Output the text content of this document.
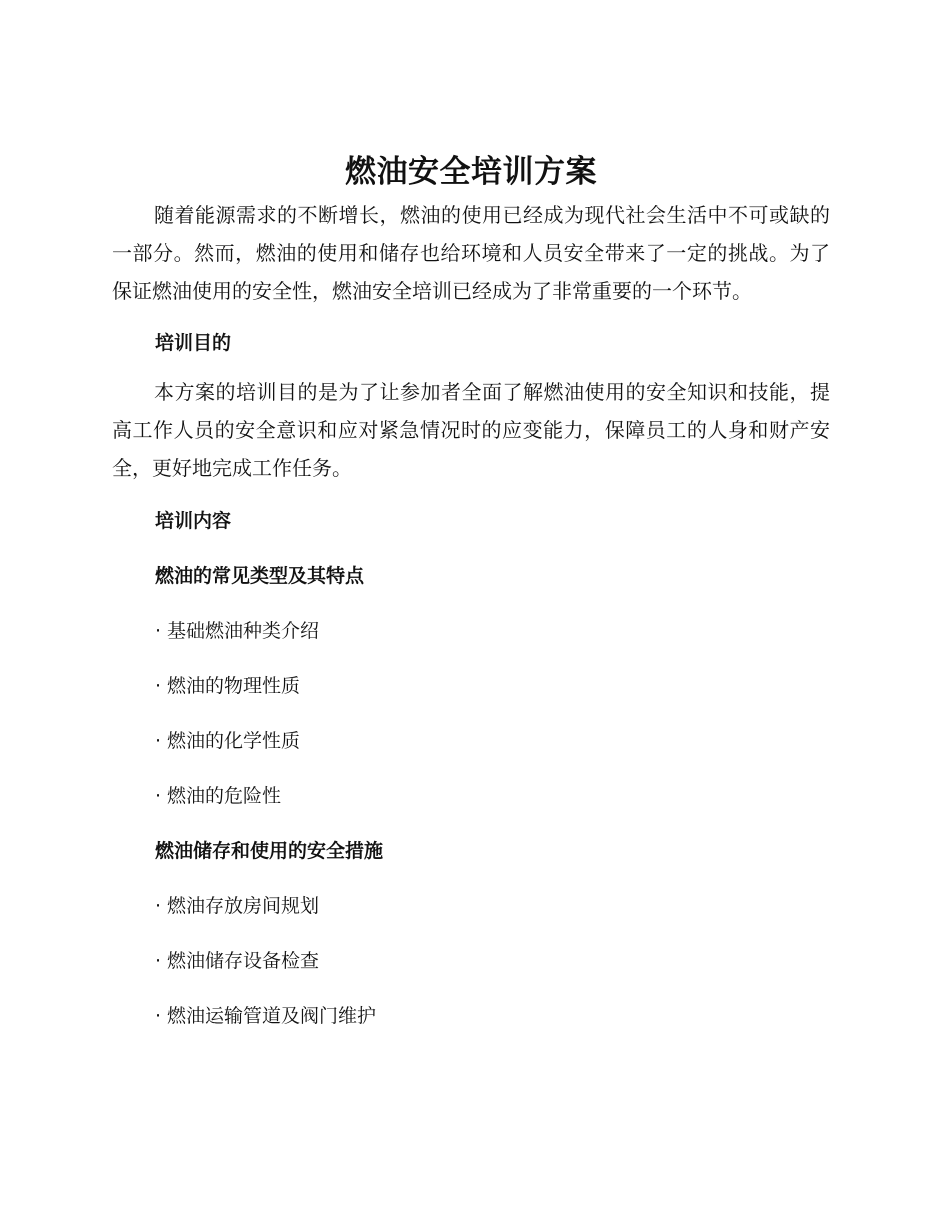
燃油安全培训方案

随着能源需求的不断增长，燃油的使用已经成为现代社会生活中不可或缺的一部分。然而，燃油的使用和储存也给环境和人员安全带来了一定的挑战。为了保证燃油使用的安全性，燃油安全培训已经成为了非常重要的一个环节。

培训目的

本方案的培训目的是为了让参加者全面了解燃油使用的安全知识和技能，提高工作人员的安全意识和应对紧急情况时的应变能力，保障员工的人身和财产安全，更好地完成工作任务。

培训内容
燃油的常见类型及其特点
· 基础燃油种类介绍
· 燃油的物理性质
· 燃油的化学性质
· 燃油的危险性
燃油储存和使用的安全措施
· 燃油存放房间规划
· 燃油储存设备检查
· 燃油运输管道及阀门维护
